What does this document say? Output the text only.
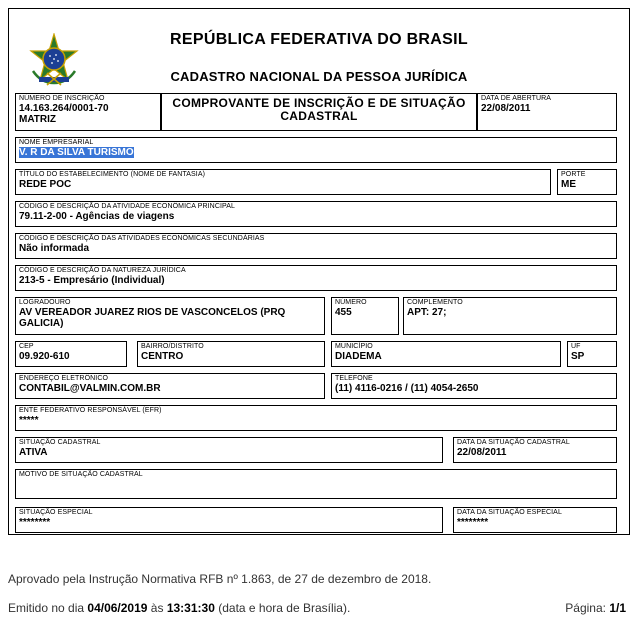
REPÚBLICA FEDERATIVA DO BRASIL
CADASTRO NACIONAL DA PESSOA JURÍDICA
NÚMERO DE INSCRIÇÃO
14.163.264/0001-70
MATRIZ
COMPROVANTE DE INSCRIÇÃO E DE SITUAÇÃO CADASTRAL
DATA DE ABERTURA
22/08/2011
NOME EMPRESARIAL
V. R DA SILVA TURISMO
TÍTULO DO ESTABELECIMENTO (NOME DE FANTASIA)
REDE POC
PORTE
ME
CÓDIGO E DESCRIÇÃO DA ATIVIDADE ECONÔMICA PRINCIPAL
79.11-2-00 - Agências de viagens
CÓDIGO E DESCRIÇÃO DAS ATIVIDADES ECONÔMICAS SECUNDÁRIAS
Não informada
CÓDIGO E DESCRIÇÃO DA NATUREZA JURÍDICA
213-5 - Empresário (Individual)
LOGRADOURO
AV VEREADOR JUAREZ RIOS DE VASCONCELOS (PRQ
GALICIA)
NÚMERO
455
COMPLEMENTO
APT: 27;
CEP
09.920-610
BAIRRO/DISTRITO
CENTRO
MUNICÍPIO
DIADEMA
UF
SP
ENDEREÇO ELETRÔNICO
CONTABIL@VALMIN.COM.BR
TELEFONE
(11) 4116-0216 / (11) 4054-2650
ENTE FEDERATIVO RESPONSÁVEL (EFR)
*****
SITUAÇÃO CADASTRAL
ATIVA
DATA DA SITUAÇÃO CADASTRAL
22/08/2011
MOTIVO DE SITUAÇÃO CADASTRAL
SITUAÇÃO ESPECIAL
********
DATA DA SITUAÇÃO ESPECIAL
********
Aprovado pela Instrução Normativa RFB nº 1.863, de 27 de dezembro de 2018.
Emitido no dia 04/06/2019 às 13:31:30 (data e hora de Brasília).	Página: 1/1
